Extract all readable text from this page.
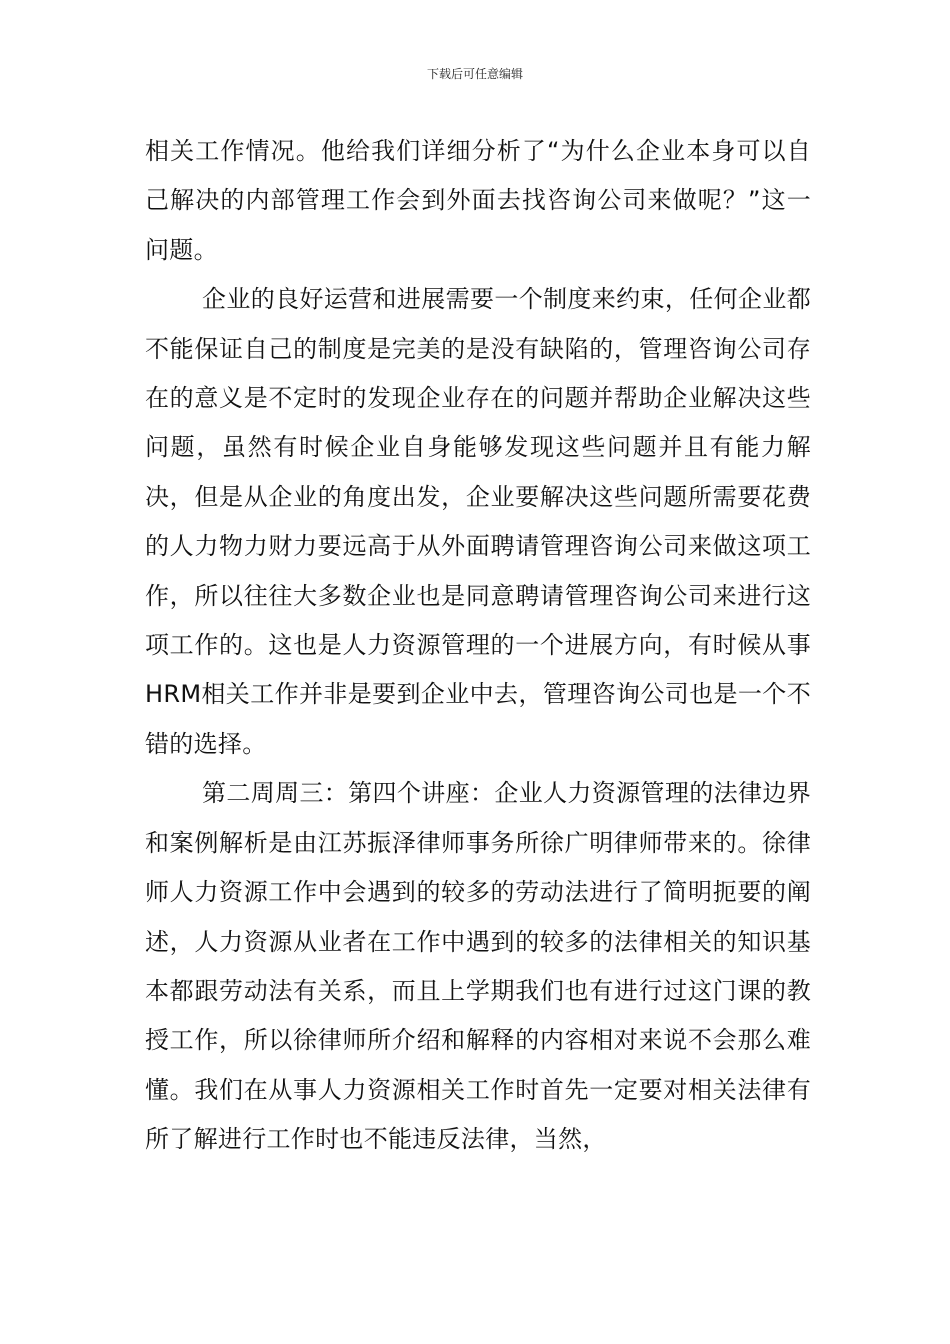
下载后可任意编辑

相关工作情况。他给我们详细分析了“为什么企业本身可以自己解决的内部管理工作会到外面去找咨询公司来做呢？”这一问题。

企业的良好运营和进展需要一个制度来约束，任何企业都不能保证自己的制度是完美的是没有缺陷的，管理咨询公司存在的意义是不定时的发现企业存在的问题并帮助企业解决这些问题，虽然有时候企业自身能够发现这些问题并且有能力解决，但是从企业的角度出发，企业要解决这些问题所需要花费的人力物力财力要远高于从外面聘请管理咨询公司来做这项工作，所以往往大多数企业也是同意聘请管理咨询公司来进行这项工作的。这也是人力资源管理的一个进展方向，有时候从事HRM相关工作并非是要到企业中去，管理咨询公司也是一个不错的选择。

第二周周三：第四个讲座：企业人力资源管理的法律边界和案例解析是由江苏振泽律师事务所徐广明律师带来的。徐律师人力资源工作中会遇到的较多的劳动法进行了简明扼要的阐述，人力资源从业者在工作中遇到的较多的法律相关的知识基本都跟劳动法有关系，而且上学期我们也有进行过这门课的教授工作，所以徐律师所介绍和解释的内容相对来说不会那么难懂。我们在从事人力资源相关工作时首先一定要对相关法律有所了解进行工作时也不能违反法律，当然，
